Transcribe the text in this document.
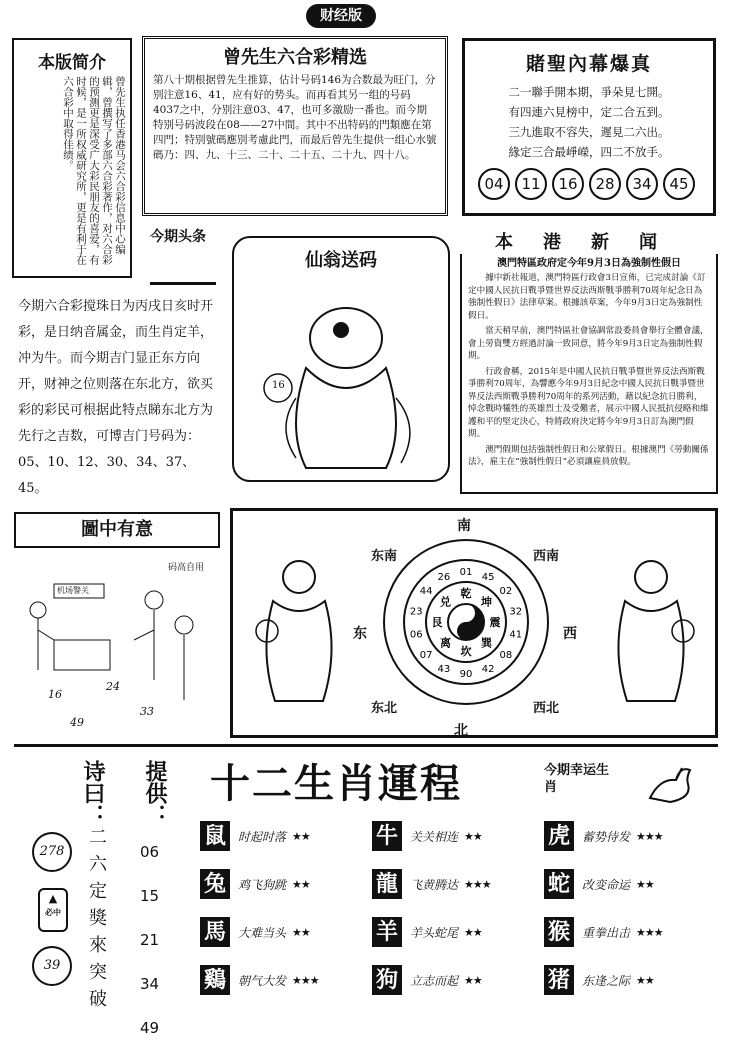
财经版
本版简介
曾先生执任香港马会六合彩信息中心编辑，曾撰写了多部六合彩著作，对六合彩的预测更是深受广大彩民朋友的喜爱，有时候，是一所权威研究所，更是有利于在六合彩中取得佳绩。
曾先生六合彩精选
第八十期根据曾先生推算，估计号码146为合数最为旺门，分别注意16、41，应有好的势头。而再看其另一组的号码4037之中，分别注意03、47，也可多激励一番也。而今期特别号码波段在08——27中間。其中不出特码的門類應在第四門；特别號碼應别考慮此門，而最后曾先生提供一组心水號碼乃：四、九、十三、二十、二十五、二十九、四十八。
賭聖內幕爆真
二一聯手開本期，爭朵見七開。
有四連六見榜中，定二合五到。
三九進取不容失，遲見二六出。
緣定三合最崢嶸，四二不放手。
04 11 16 28 34 45
今期头条
今期六合彩搅珠日为丙戌日亥时开彩，是日纳音属金，而生肖定羊，冲为牛。而今期吉门显正东方向开，财神之位则落在东北方，欲买彩的彩民可根据此特点睇东北方为先行之吉数，可博吉门号码为：05、10、12、30、34、37、45。
仙翁送码
16
本港新闻
澳門特區政府定今年9月3日為強制性假日
據中新社報道，澳門特區行政會3日宣佈，已完成討論《訂定中國人民抗日戰爭暨世界反法西斯戰爭勝利70周年紀念日為強制性假日》法律草案。根據該草案，今年9月3日定為強制性假日。
當天稍早前，澳門特區社會協調常設委員會舉行全體會議，會上勞資雙方經過討論一致同意，將今年9月3日定為強制性假期。
行政會稱，2015年是中國人民抗日戰爭暨世界反法西斯戰爭勝利70周年，為響應今年9月3日紀念中國人民抗日戰爭暨世界反法西斯戰爭勝利70周年的系列活動，藉以紀念抗日勝利，悼念戰時犧牲的英雄烈士及受難者，展示中國人民抵抗侵略和維護和平的堅定決心，特將政府決定將今年9月3日訂為澳門假期。
澳門假期包括強制性假日和公眾假日。根據澳門《勞動關係法》，雇主在“強制性假日”必須讓雇員放假。
圖中有意
码高自用
机场警关
16
24
49
33
南
东南	西南
东	西
东北	西北
01 45
02
32
41
08
42
90
43
07
06
23
44
26
乾
坤
震
巽
坎
离
艮
兑
北
诗曰： 提供：
二
六
定
獎
來
突
破
06
15
21
34
49
278
▲
必中
39
十二生肖運程	今期幸运生肖
鼠	时起时落 ★★	牛	关关相连 ★★	虎	蓄势待发 ★★★
兔	鸡飞狗跳 ★★	龍	飞黄腾达 ★★★	蛇	改变命运 ★★
馬	大难当头 ★★	羊	羊头蛇尾 ★★	猴	重拳出击 ★★★
鷄	朝气大发 ★★★	狗	立志而起 ★★	猪	东逢之际 ★★
